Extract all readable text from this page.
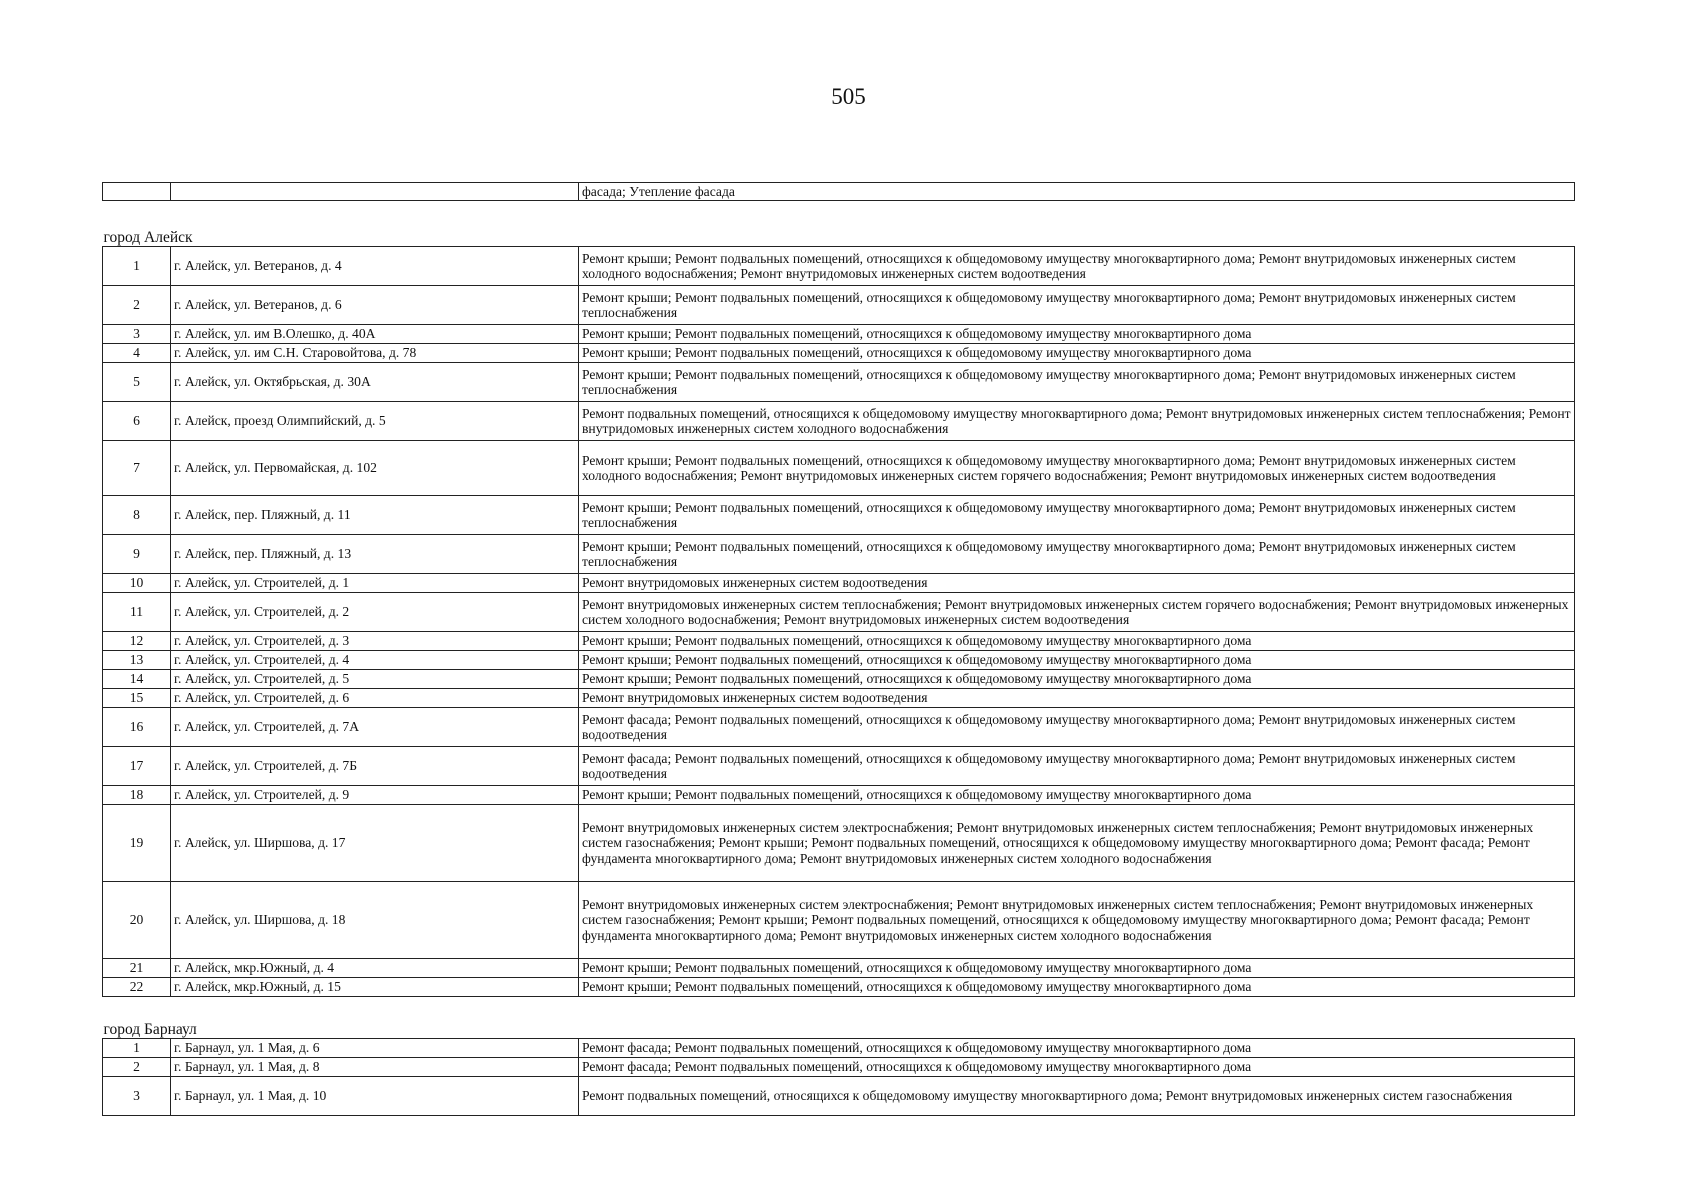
505
		фасада; Утепление фасада
город Алейск		
1	г. Алейск, ул. Ветеранов, д. 4	Ремонт крыши; Ремонт подвальных помещений, относящихся к общедомовому имуществу многоквартирного дома; Ремонт внутридомовых инженерных систем холодного водоснабжения; Ремонт внутридомовых инженерных систем водоотведения
2	г. Алейск, ул. Ветеранов, д. 6	Ремонт крыши; Ремонт подвальных помещений, относящихся к общедомовому имуществу многоквартирного дома; Ремонт внутридомовых инженерных систем теплоснабжения
3	г. Алейск, ул. им В.Олешко, д. 40А	Ремонт крыши; Ремонт подвальных помещений, относящихся к общедомовому имуществу многоквартирного дома
4	г. Алейск, ул. им С.Н. Старовойтова, д. 78	Ремонт крыши; Ремонт подвальных помещений, относящихся к общедомовому имуществу многоквартирного дома
5	г. Алейск, ул. Октябрьская, д. 30А	Ремонт крыши; Ремонт подвальных помещений, относящихся к общедомовому имуществу многоквартирного дома; Ремонт внутридомовых инженерных систем теплоснабжения
6	г. Алейск, проезд Олимпийский, д. 5	Ремонт подвальных помещений, относящихся к общедомовому имуществу многоквартирного дома; Ремонт внутридомовых инженерных систем теплоснабжения; Ремонт внутридомовых инженерных систем холодного водоснабжения
7	г. Алейск, ул. Первомайская, д. 102	Ремонт крыши; Ремонт подвальных помещений, относящихся к общедомовому имуществу многоквартирного дома; Ремонт внутридомовых инженерных систем холодного водоснабжения; Ремонт внутридомовых инженерных систем горячего водоснабжения; Ремонт внутридомовых инженерных систем водоотведения
8	г. Алейск, пер. Пляжный, д. 11	Ремонт крыши; Ремонт подвальных помещений, относящихся к общедомовому имуществу многоквартирного дома; Ремонт внутридомовых инженерных систем теплоснабжения
9	г. Алейск, пер. Пляжный, д. 13	Ремонт крыши; Ремонт подвальных помещений, относящихся к общедомовому имуществу многоквартирного дома; Ремонт внутридомовых инженерных систем теплоснабжения
10	г. Алейск, ул. Строителей, д. 1	Ремонт внутридомовых инженерных систем водоотведения
11	г. Алейск, ул. Строителей, д. 2	Ремонт внутридомовых инженерных систем теплоснабжения; Ремонт внутридомовых инженерных систем горячего водоснабжения; Ремонт внутридомовых инженерных систем холодного водоснабжения; Ремонт внутридомовых инженерных систем водоотведения
12	г. Алейск, ул. Строителей, д. 3	Ремонт крыши; Ремонт подвальных помещений, относящихся к общедомовому имуществу многоквартирного дома
13	г. Алейск, ул. Строителей, д. 4	Ремонт крыши; Ремонт подвальных помещений, относящихся к общедомовому имуществу многоквартирного дома
14	г. Алейск, ул. Строителей, д. 5	Ремонт крыши; Ремонт подвальных помещений, относящихся к общедомовому имуществу многоквартирного дома
15	г. Алейск, ул. Строителей, д. 6	Ремонт внутридомовых инженерных систем водоотведения
16	г. Алейск, ул. Строителей, д. 7А	Ремонт фасада; Ремонт подвальных помещений, относящихся к общедомовому имуществу многоквартирного дома; Ремонт внутридомовых инженерных систем водоотведения
17	г. Алейск, ул. Строителей, д. 7Б	Ремонт фасада; Ремонт подвальных помещений, относящихся к общедомовому имуществу многоквартирного дома; Ремонт внутридомовых инженерных систем водоотведения
18	г. Алейск, ул. Строителей, д. 9	Ремонт крыши; Ремонт подвальных помещений, относящихся к общедомовому имуществу многоквартирного дома
19	г. Алейск, ул. Ширшова, д. 17	Ремонт внутридомовых инженерных систем электроснабжения; Ремонт внутридомовых инженерных систем теплоснабжения; Ремонт внутридомовых инженерных систем газоснабжения; Ремонт крыши; Ремонт подвальных помещений, относящихся к общедомовому имуществу многоквартирного дома; Ремонт фасада; Ремонт фундамента многоквартирного дома; Ремонт внутридомовых инженерных систем холодного водоснабжения
20	г. Алейск, ул. Ширшова, д. 18	Ремонт внутридомовых инженерных систем электроснабжения; Ремонт внутридомовых инженерных систем теплоснабжения; Ремонт внутридомовых инженерных систем газоснабжения; Ремонт крыши; Ремонт подвальных помещений, относящихся к общедомовому имуществу многоквартирного дома; Ремонт фасада; Ремонт фундамента многоквартирного дома; Ремонт внутридомовых инженерных систем холодного водоснабжения
21	г. Алейск, мкр.Южный, д. 4	Ремонт крыши; Ремонт подвальных помещений, относящихся к общедомовому имуществу многоквартирного дома
22	г. Алейск, мкр.Южный, д. 15	Ремонт крыши; Ремонт подвальных помещений, относящихся к общедомовому имуществу многоквартирного дома
город Барнаул		
1	г. Барнаул, ул. 1 Мая, д. 6	Ремонт фасада; Ремонт подвальных помещений, относящихся к общедомовому имуществу многоквартирного дома
2	г. Барнаул, ул. 1 Мая, д. 8	Ремонт фасада; Ремонт подвальных помещений, относящихся к общедомовому имуществу многоквартирного дома
3	г. Барнаул, ул. 1 Мая, д. 10	Ремонт подвальных помещений, относящихся к общедомовому имуществу многоквартирного дома; Ремонт внутридомовых инженерных систем газоснабжения
